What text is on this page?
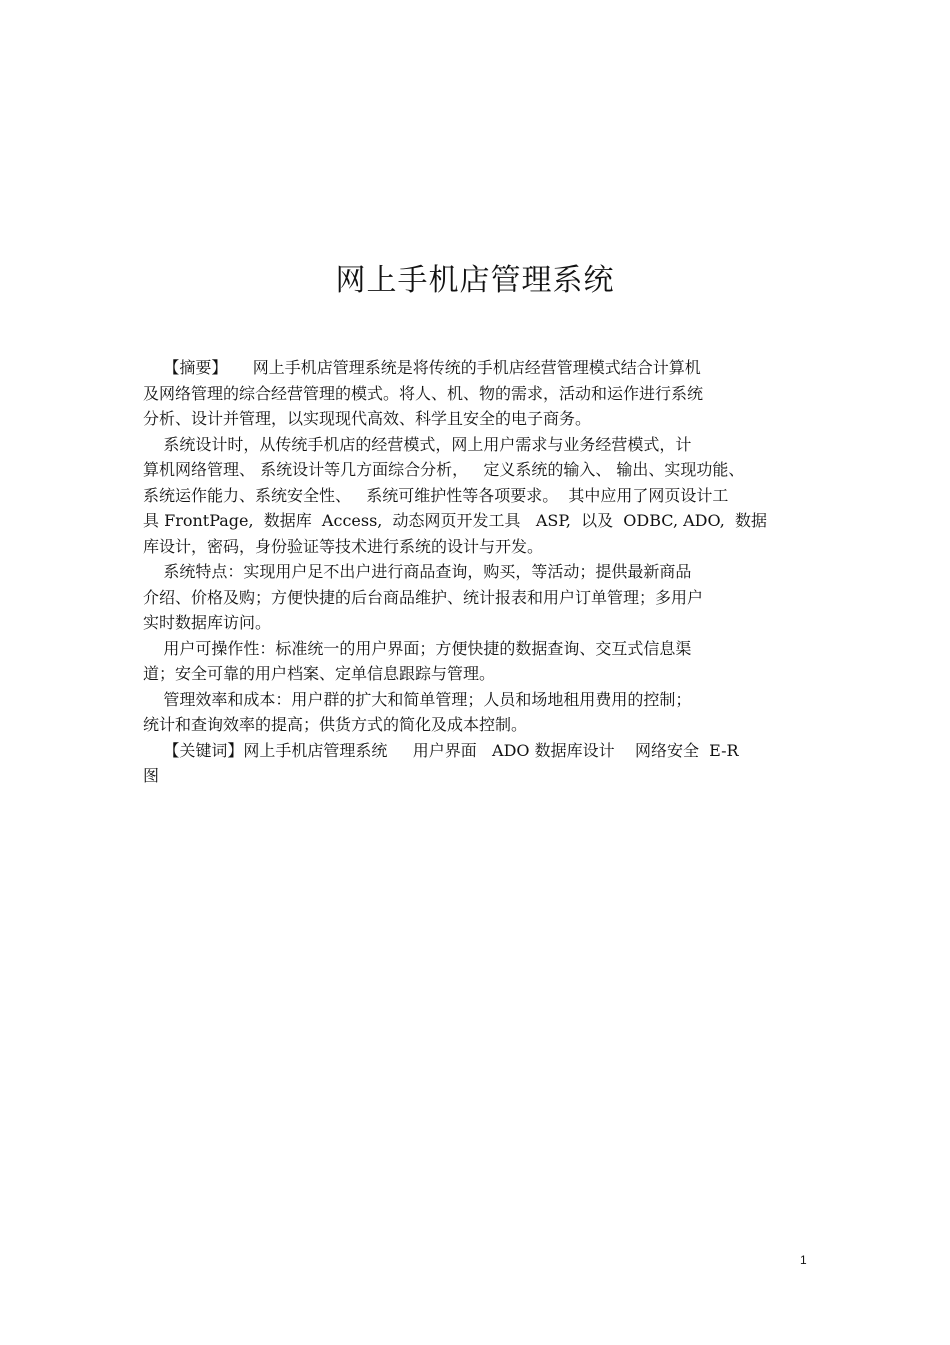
网上手机店管理系统
【摘要】     网上手机店管理系统是将传统的手机店经营管理模式结合计算机
及网络管理的综合经营管理的模式。将人、机、物的需求，活动和运作进行系统
分析、设计并管理，以实现现代高效、科学且安全的电子商务。
系统设计时，从传统手机店的经营模式，网上用户需求与业务经营模式，计
算机网络管理、 系统设计等几方面综合分析，   定义系统的输入、 输出、实现功能、
系统运作能力、系统安全性、   系统可维护性等各项要求。  其中应用了网页设计工
具 FrontPage,  数据库  Access,  动态网页开发工具   ASP,  以及  ODBC, ADO,  数据
库设计，密码，身份验证等技术进行系统的设计与开发。
系统特点：实现用户足不出户进行商品查询，购买，等活动；提供最新商品
介绍、价格及购；方便快捷的后台商品维护、统计报表和用户订单管理；多用户
实时数据库访问。
用户可操作性：标准统一的用户界面；方便快捷的数据查询、交互式信息渠
道；安全可靠的用户档案、定单信息跟踪与管理。
管理效率和成本：用户群的扩大和简单管理；人员和场地租用费用的控制；
统计和查询效率的提高；供货方式的简化及成本控制。
【关键词】网上手机店管理系统     用户界面   ADO 数据库设计    网络安全  E-R
图
1
